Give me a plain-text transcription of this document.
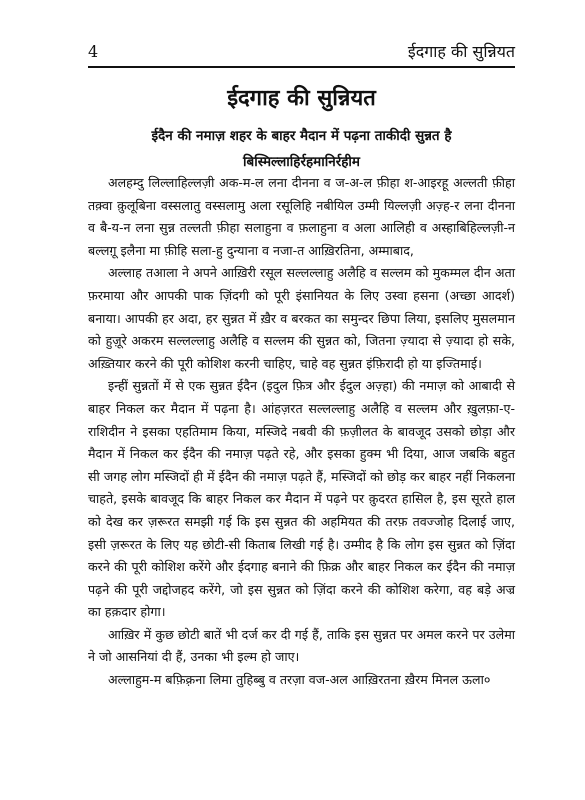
4	ईदगाह की सुन्नियत
ईदगाह की सुन्नियत
ईदैन की नमाज़ शहर के बाहर मैदान में पढ़ना ताकीदी सुन्नत है
बिस्मिल्लाहिर्रहमानिर्रहीम

अलहम्दु लिल्लाहिल्लज़ी अक-म-ल लना दीनना व ज-अ-ल फ़ीहा श-आइरहू अल्लती फ़ीहा तक़्वा क़ुलूबिना वस्सलातु वस्सलामु अला रसूलिहि नबीयिल उम्मी यिल्लज़ी अज़्ह-र लना दीनना व बै-य-न लना सुन्न तल्लती फ़ीहा सलाहुना व फ़लाहुना व अला आलिही व अस्हाबिहिल्लज़ी-न बल्लग़ू इलैना मा फ़ीहि सला-हु दुन्याना व नजा-त आख़िरतिना, अम्माबाद,

अल्लाह तआला ने अपने आख़िरी रसूल सल्लल्लाहु अलैहि व सल्लम को मुकम्मल दीन अता फ़रमाया और आपकी पाक ज़िंदगी को पूरी इंसानियत के लिए उस्वा हसना (अच्छा आदर्श) बनाया। आपकी हर अदा, हर सुन्नत में ख़ैर व बरकत का समुन्दर छिपा लिया, इसलिए मुसलमान को हुज़ूरे अकरम सल्लल्लाहु अलैहि व सल्लम की सुन्नत को, जितना ज़्यादा से ज़्यादा हो सके, अख़्तियार करने की पूरी कोशिश करनी चाहिए, चाहे वह सुन्नत इंफ़िरादी हो या इज्तिमाई।

इन्हीं सुन्नतों में से एक सुन्नत ईदैन (इदुल फ़ित्र और ईदुल अज़्हा) की नमाज़ को आबादी से बाहर निकल कर मैदान में पढ़ना है। आंहज़रत सल्लल्लाहु अलैहि व सल्लम और ख़ुलफ़ा-ए-राशिदीन ने इसका एहतिमाम किया, मस्जिदे नबवी की फ़ज़ीलत के बावजूद उसको छोड़ा और मैदान में निकल कर ईदैन की नमाज़ पढ़ते रहे, और इसका हुक्म भी दिया, आज जबकि बहुत सी जगह लोग मस्जिदों ही में ईदैन की नमाज़ पढ़ते हैं, मस्जिदों को छोड़ कर बाहर नहीं निकलना चाहते, इसके बावजूद कि बाहर निकल कर मैदान में पढ़ने पर क़ुदरत हासिल है, इस सूरते हाल को देख कर ज़रूरत समझी गई कि इस सुन्नत की अहमियत की तरफ़ तवज्जोह दिलाई जाए, इसी ज़रूरत के लिए यह छोटी-सी किताब लिखी गई है। उम्मीद है कि लोग इस सुन्नत को ज़िंदा करने की पूरी कोशिश करेंगे और ईदगाह बनाने की फ़िक्र और बाहर निकल कर ईदैन की नमाज़ पढ़ने की पूरी जद्दोजहद करेंगे, जो इस सुन्नत को ज़िंदा करने की कोशिश करेगा, वह बड़े अज्र का हक़दार होगा।

आख़िर में कुछ छोटी बातें भी दर्ज कर दी गई हैं, ताकि इस सुन्नत पर अमल करने पर उलेमा ने जो आसनियां दी हैं, उनका भी इल्म हो जाए।

अल्लाहुम-म बफ़िक़्रना लिमा तुहिब्बु व तरज़ा वज-अल आख़िरतना ख़ैरम मिनल ऊला०
